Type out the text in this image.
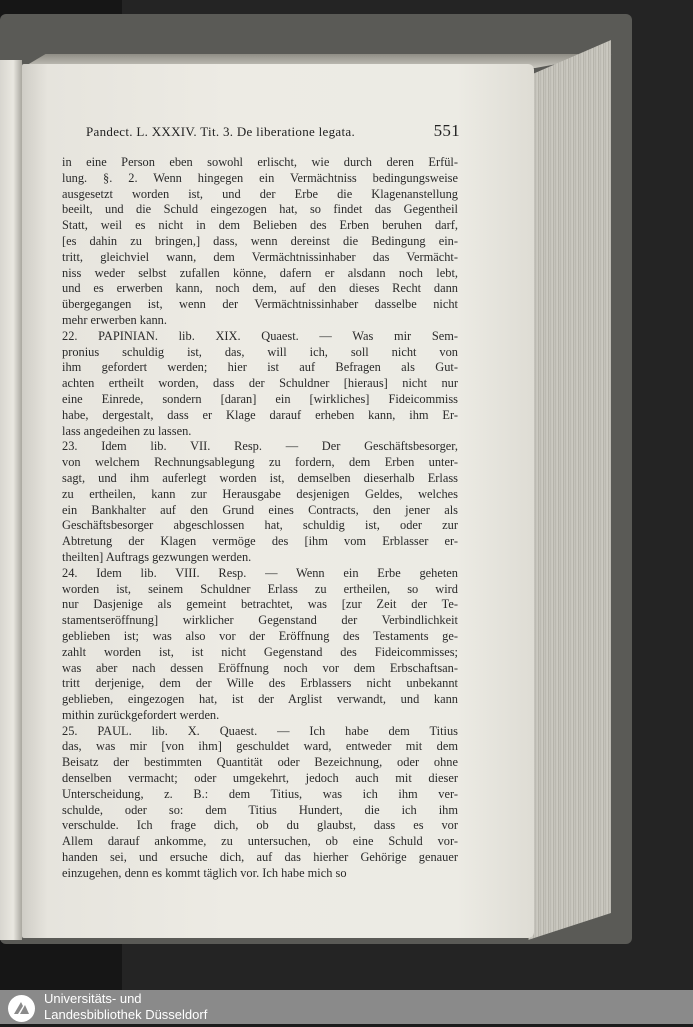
Pandect. L. XXXIV. Tit. 3. De liberatione legata.	551
in eine Person eben sowohl erlischt, wie durch deren Erfül-
lung. §. 2. Wenn hingegen ein Vermächtniss bedingungsweise
ausgesetzt worden ist, und der Erbe die Klagenanstellung
beeilt, und die Schuld eingezogen hat, so findet das Gegentheil
Statt, weil es nicht in dem Belieben des Erben beruhen darf,
[es dahin zu bringen,] dass, wenn dereinst die Bedingung ein-
tritt, gleichviel wann, dem Vermächtnissinhaber das Vermächt-
niss weder selbst zufallen könne, dafern er alsdann noch lebt,
und es erwerben kann, noch dem, auf den dieses Recht dann
übergegangen ist, wenn der Vermächtnissinhaber dasselbe nicht
mehr erwerben kann.
22. PAPINIAN. lib. XIX. Quaest. — Was mir Sem-
pronius schuldig ist, das, will ich, soll nicht von
ihm gefordert werden; hier ist auf Befragen als Gut-
achten ertheilt worden, dass der Schuldner [hieraus] nicht nur
eine Einrede, sondern [daran] ein [wirkliches] Fideicommiss
habe, dergestalt, dass er Klage darauf erheben kann, ihm Er-
lass angedeihen zu lassen.
23. Idem lib. VII. Resp. — Der Geschäftsbesorger,
von welchem Rechnungsablegung zu fordern, dem Erben unter-
sagt, und ihm auferlegt worden ist, demselben dieserhalb Erlass
zu ertheilen, kann zur Herausgabe desjenigen Geldes, welches
ein Bankhalter auf den Grund eines Contracts, den jener als
Geschäftsbesorger abgeschlossen hat, schuldig ist, oder zur
Abtretung der Klagen vermöge des [ihm vom Erblasser er-
theilten] Auftrags gezwungen werden.
24. Idem lib. VIII. Resp. — Wenn ein Erbe geheten
worden ist, seinem Schuldner Erlass zu ertheilen, so wird
nur Dasjenige als gemeint betrachtet, was [zur Zeit der Te-
stamentseröffnung] wirklicher Gegenstand der Verbindlichkeit
geblieben ist; was also vor der Eröffnung des Testaments ge-
zahlt worden ist, ist nicht Gegenstand des Fideicommisses;
was aber nach dessen Eröffnung noch vor dem Erbschaftsan-
tritt derjenige, dem der Wille des Erblassers nicht unbekannt
geblieben, eingezogen hat, ist der Arglist verwandt, und kann
mithin zurückgefordert werden.
25. PAUL. lib. X. Quaest. — Ich habe dem Titius
das, was mir [von ihm] geschuldet ward, entweder mit dem
Beisatz der bestimmten Quantität oder Bezeichnung, oder ohne
denselben vermacht; oder umgekehrt, jedoch auch mit dieser
Unterscheidung, z. B.: dem Titius, was ich ihm ver-
schulde, oder so: dem Titius Hundert, die ich ihm
verschulde. Ich frage dich, ob du glaubst, dass es vor
Allem darauf ankomme, zu untersuchen, ob eine Schuld vor-
handen sei, und ersuche dich, auf das hierher Gehörige genauer
einzugehen, denn es kommt täglich vor. Ich habe mich so
Universitäts- und
Landesbibliothek Düsseldorf
